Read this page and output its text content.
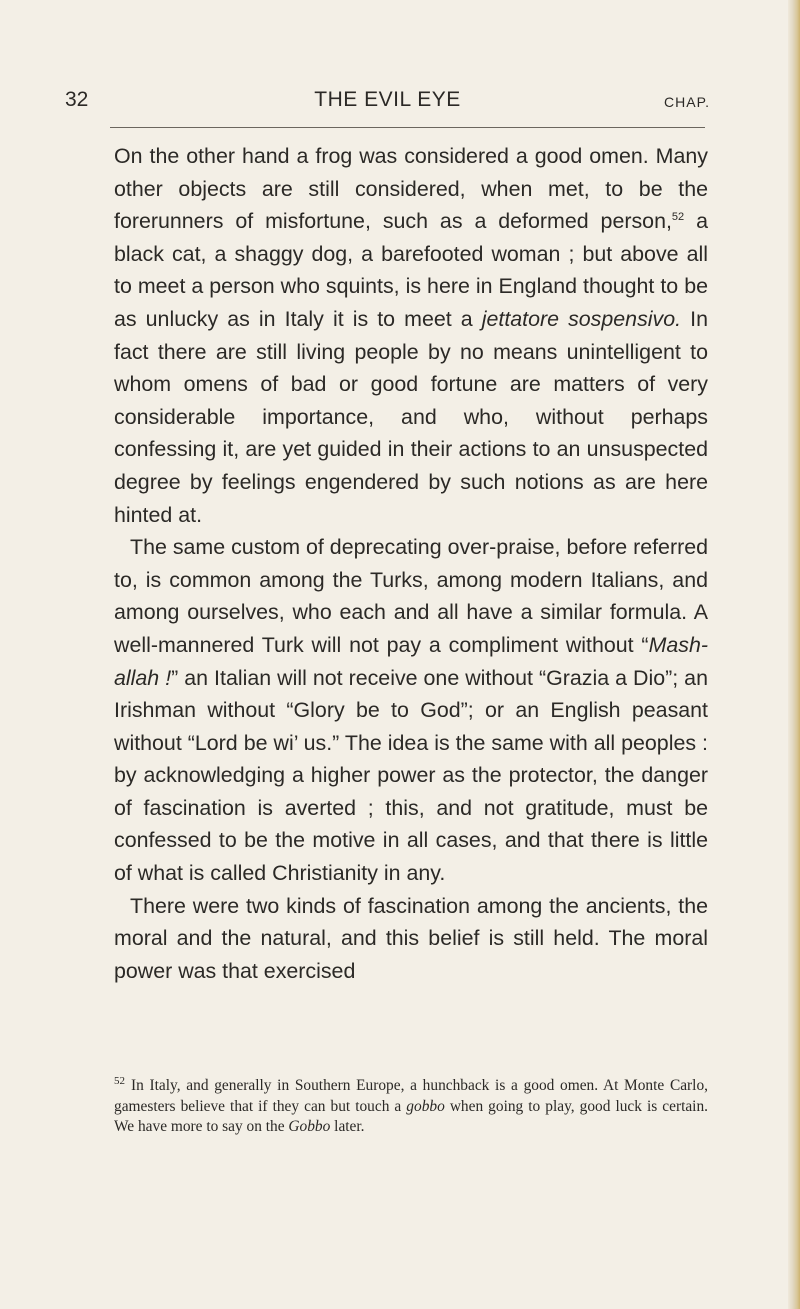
32	THE EVIL EYE	CHAP.

On the other hand a frog was considered a good omen. Many other objects are still considered, when met, to be the forerunners of misfortune, such as a deformed person,$^{52}$ a black cat, a shaggy dog, a barefooted woman ; but above all to meet a person who squints, is here in England thought to be as unlucky as in Italy it is to meet a jettatore sospensivo. In fact there are still living people by no means unintelligent to whom omens of bad or good fortune are matters of very considerable importance, and who, without perhaps confessing it, are yet guided in their actions to an unsuspected degree by feelings engendered by such notions as are here hinted at.

The same custom of deprecating over-praise, before referred to, is common among the Turks, among modern Italians, and among ourselves, who each and all have a similar formula. A well-mannered Turk will not pay a compliment without “Mash-allah !” an Italian will not receive one without “Grazia a Dio”; an Irishman without “Glory be to God”; or an English peasant without “Lord be wi’ us.” The idea is the same with all peoples : by acknowledging a higher power as the protector, the danger of fascination is averted ; this, and not gratitude, must be confessed to be the motive in all cases, and that there is little of what is called Christianity in any.

There were two kinds of fascination among the ancients, the moral and the natural, and this belief is still held. The moral power was that exercised

$^{52}$ In Italy, and generally in Southern Europe, a hunchback is a good omen. At Monte Carlo, gamesters believe that if they can but touch a gobbo when going to play, good luck is certain. We have more to say on the Gobbo later.
